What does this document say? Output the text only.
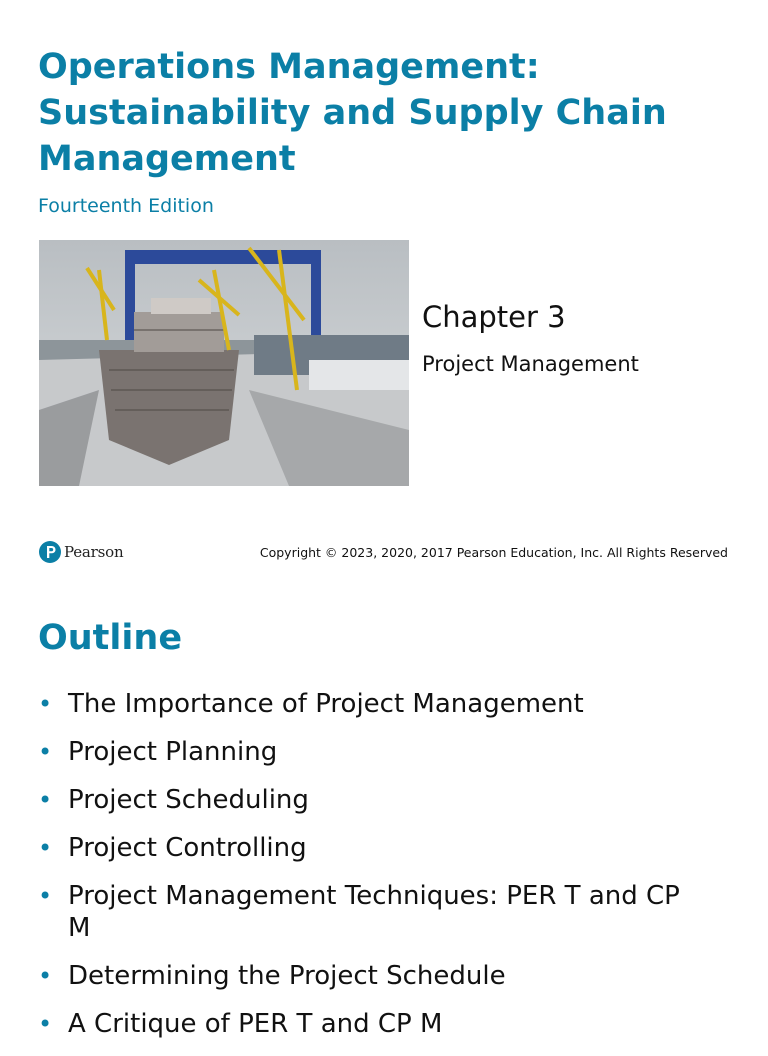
Operations Management:
Sustainability and Supply Chain
Management

Fourteenth Edition

Chapter 3

Project Management

Pearson	Copyright © 2023, 2020, 2017 Pearson Education, Inc. All Rights Reserved

Outline
• The Importance of Project Management
• Project Planning
• Project Scheduling
• Project Controlling
• Project Management Techniques: PER T and CP M
• Determining the Project Schedule
• A Critique of PER T and CP M
